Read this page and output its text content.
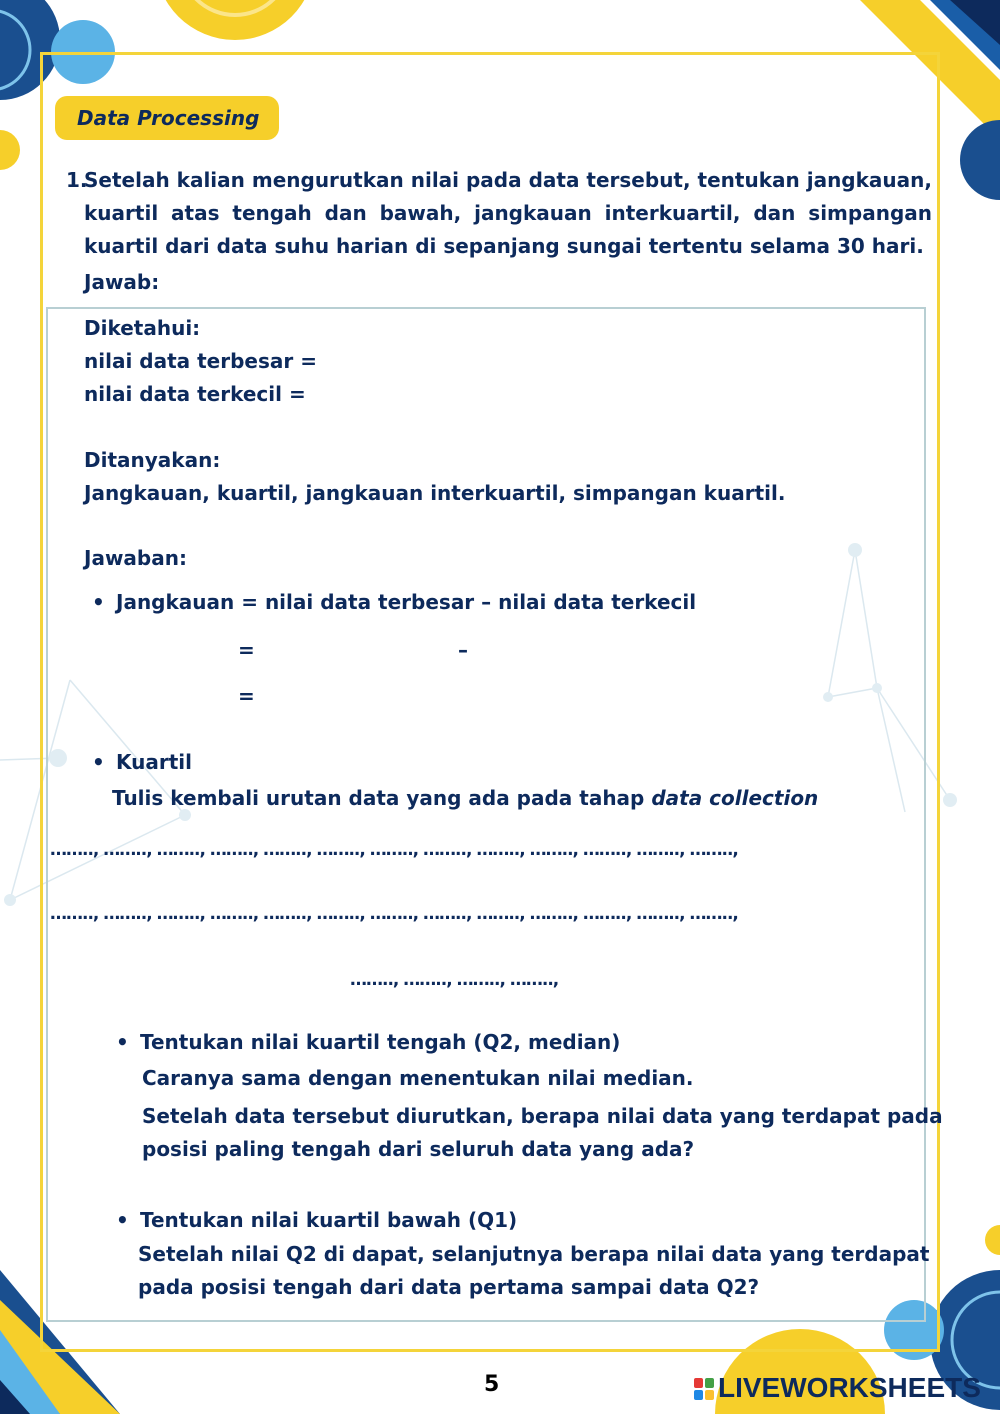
Data Processing
1.
Setelah kalian mengurutkan nilai pada data tersebut, tentukan jangkauan, kuartil atas tengah dan bawah, jangkauan interkuartil, dan simpangan kuartil dari data suhu harian di sepanjang sungai tertentu selama 30 hari.
Jawab:
Diketahui:
nilai data terbesar =
nilai data terkecil =
Ditanyakan:
Jangkauan, kuartil, jangkauan interkuartil, simpangan kuartil.
Jawaban:
• Jangkauan = nilai data terbesar – nilai data terkecil
=	–
=
• Kuartil
Tulis kembali urutan data yang ada pada tahap data collection
…….., …….., …….., …….., …….., …….., …….., …….., …….., …….., …….., …….., ……..,
…….., …….., …….., …….., …….., …….., …….., …….., …….., …….., …….., …….., ……..,
…….., …….., …….., ……..,
• Tentukan nilai kuartil tengah (Q2, median)
Caranya sama dengan menentukan nilai median.
Setelah data tersebut diurutkan, berapa nilai data yang terdapat pada
posisi paling tengah dari seluruh data yang ada?
• Tentukan nilai kuartil bawah (Q1)
Setelah nilai Q2 di dapat, selanjutnya berapa nilai data yang terdapat
pada posisi tengah dari data pertama sampai data Q2?
5	LIVEWORKSHEETS
